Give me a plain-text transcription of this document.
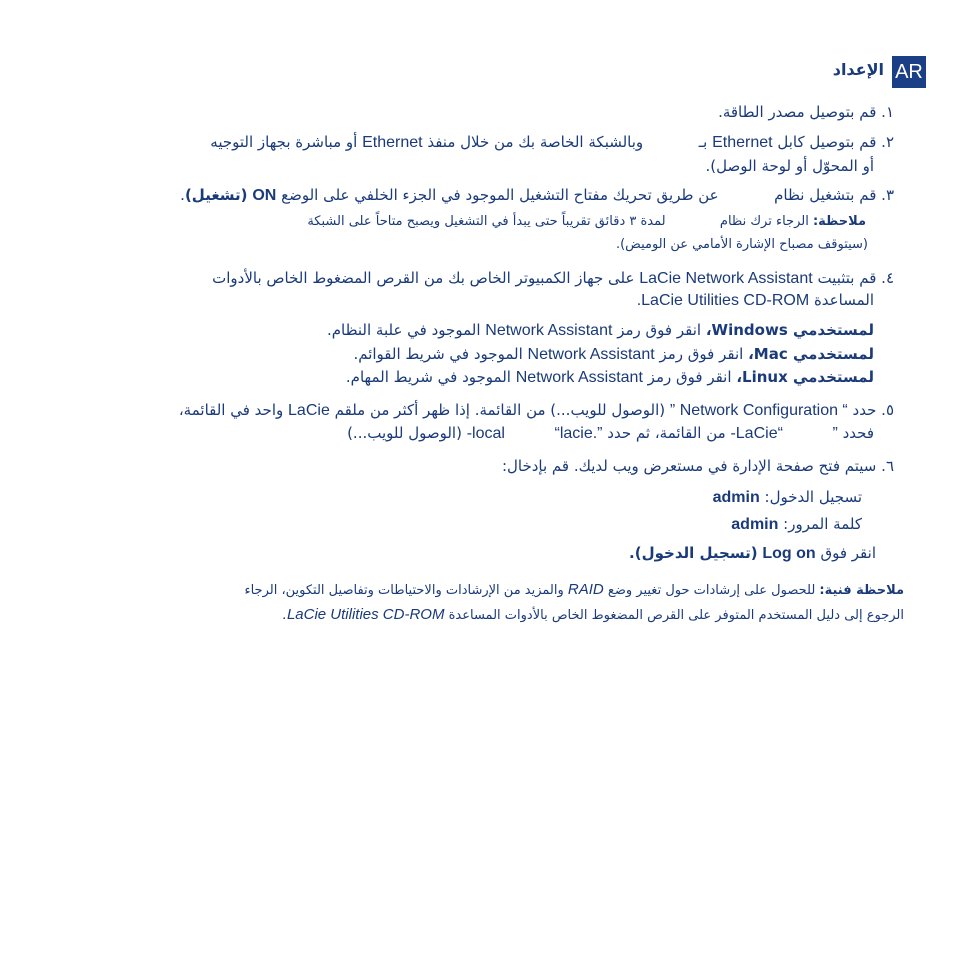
AR
الإعداد
١. قم بتوصيل مصدر الطاقة.
٢. قم بتوصيل كابل Ethernet بـ  وبالشبكة الخاصة بك من خلال منفذ Ethernet أو مباشرة بجهاز التوجيه
أو المحوّل أو لوحة الوصل).
٣. قم بتشغيل نظام  عن طريق تحريك مفتاح التشغيل الموجود في الجزء الخلفي على الوضع ON (تشغيل).
ملاحظة: الرجاء ترك نظام  لمدة ٣ دقائق تقريباً حتى يبدأ في التشغيل ويصبح متاحاً على الشبكة
(سيتوقف مصباح الإشارة الأمامي عن الوميض).
٤. قم بتثبيت LaCie Network Assistant على جهاز الكمبيوتر الخاص بك من القرص المضغوط الخاص بالأدوات
المساعدة LaCie Utilities CD-ROM.
لمستخدمي Windows، انقر فوق رمز Network Assistant الموجود في علبة النظام.
لمستخدمي Mac، انقر فوق رمز Network Assistant الموجود في شريط القوائم.
لمستخدمي Linux، انقر فوق رمز Network Assistant الموجود في شريط المهام.
٥. حدد “ Network Configuration ” (الوصول للويب...) من القائمة. إذا ظهر أكثر من ملقم LaCie واحد في القائمة،
فحدد ”  “LaCie- من القائمة، ثم حدد ”.local  “lacie- (الوصول للويب...)
٦. سيتم فتح صفحة الإدارة في مستعرض ويب لديك. قم بإدخال:
تسجيل الدخول: admin
كلمة المرور: admin
انقر فوق Log on (تسجيل الدخول).
ملاحظة فنية: للحصول على إرشادات حول تغيير وضع RAID والمزيد من الإرشادات والاحتياطات وتفاصيل التكوين، الرجاء
الرجوع إلى دليل المستخدم المتوفر على القرص المضغوط الخاص بالأدوات المساعدة LaCie Utilities CD-ROM.
